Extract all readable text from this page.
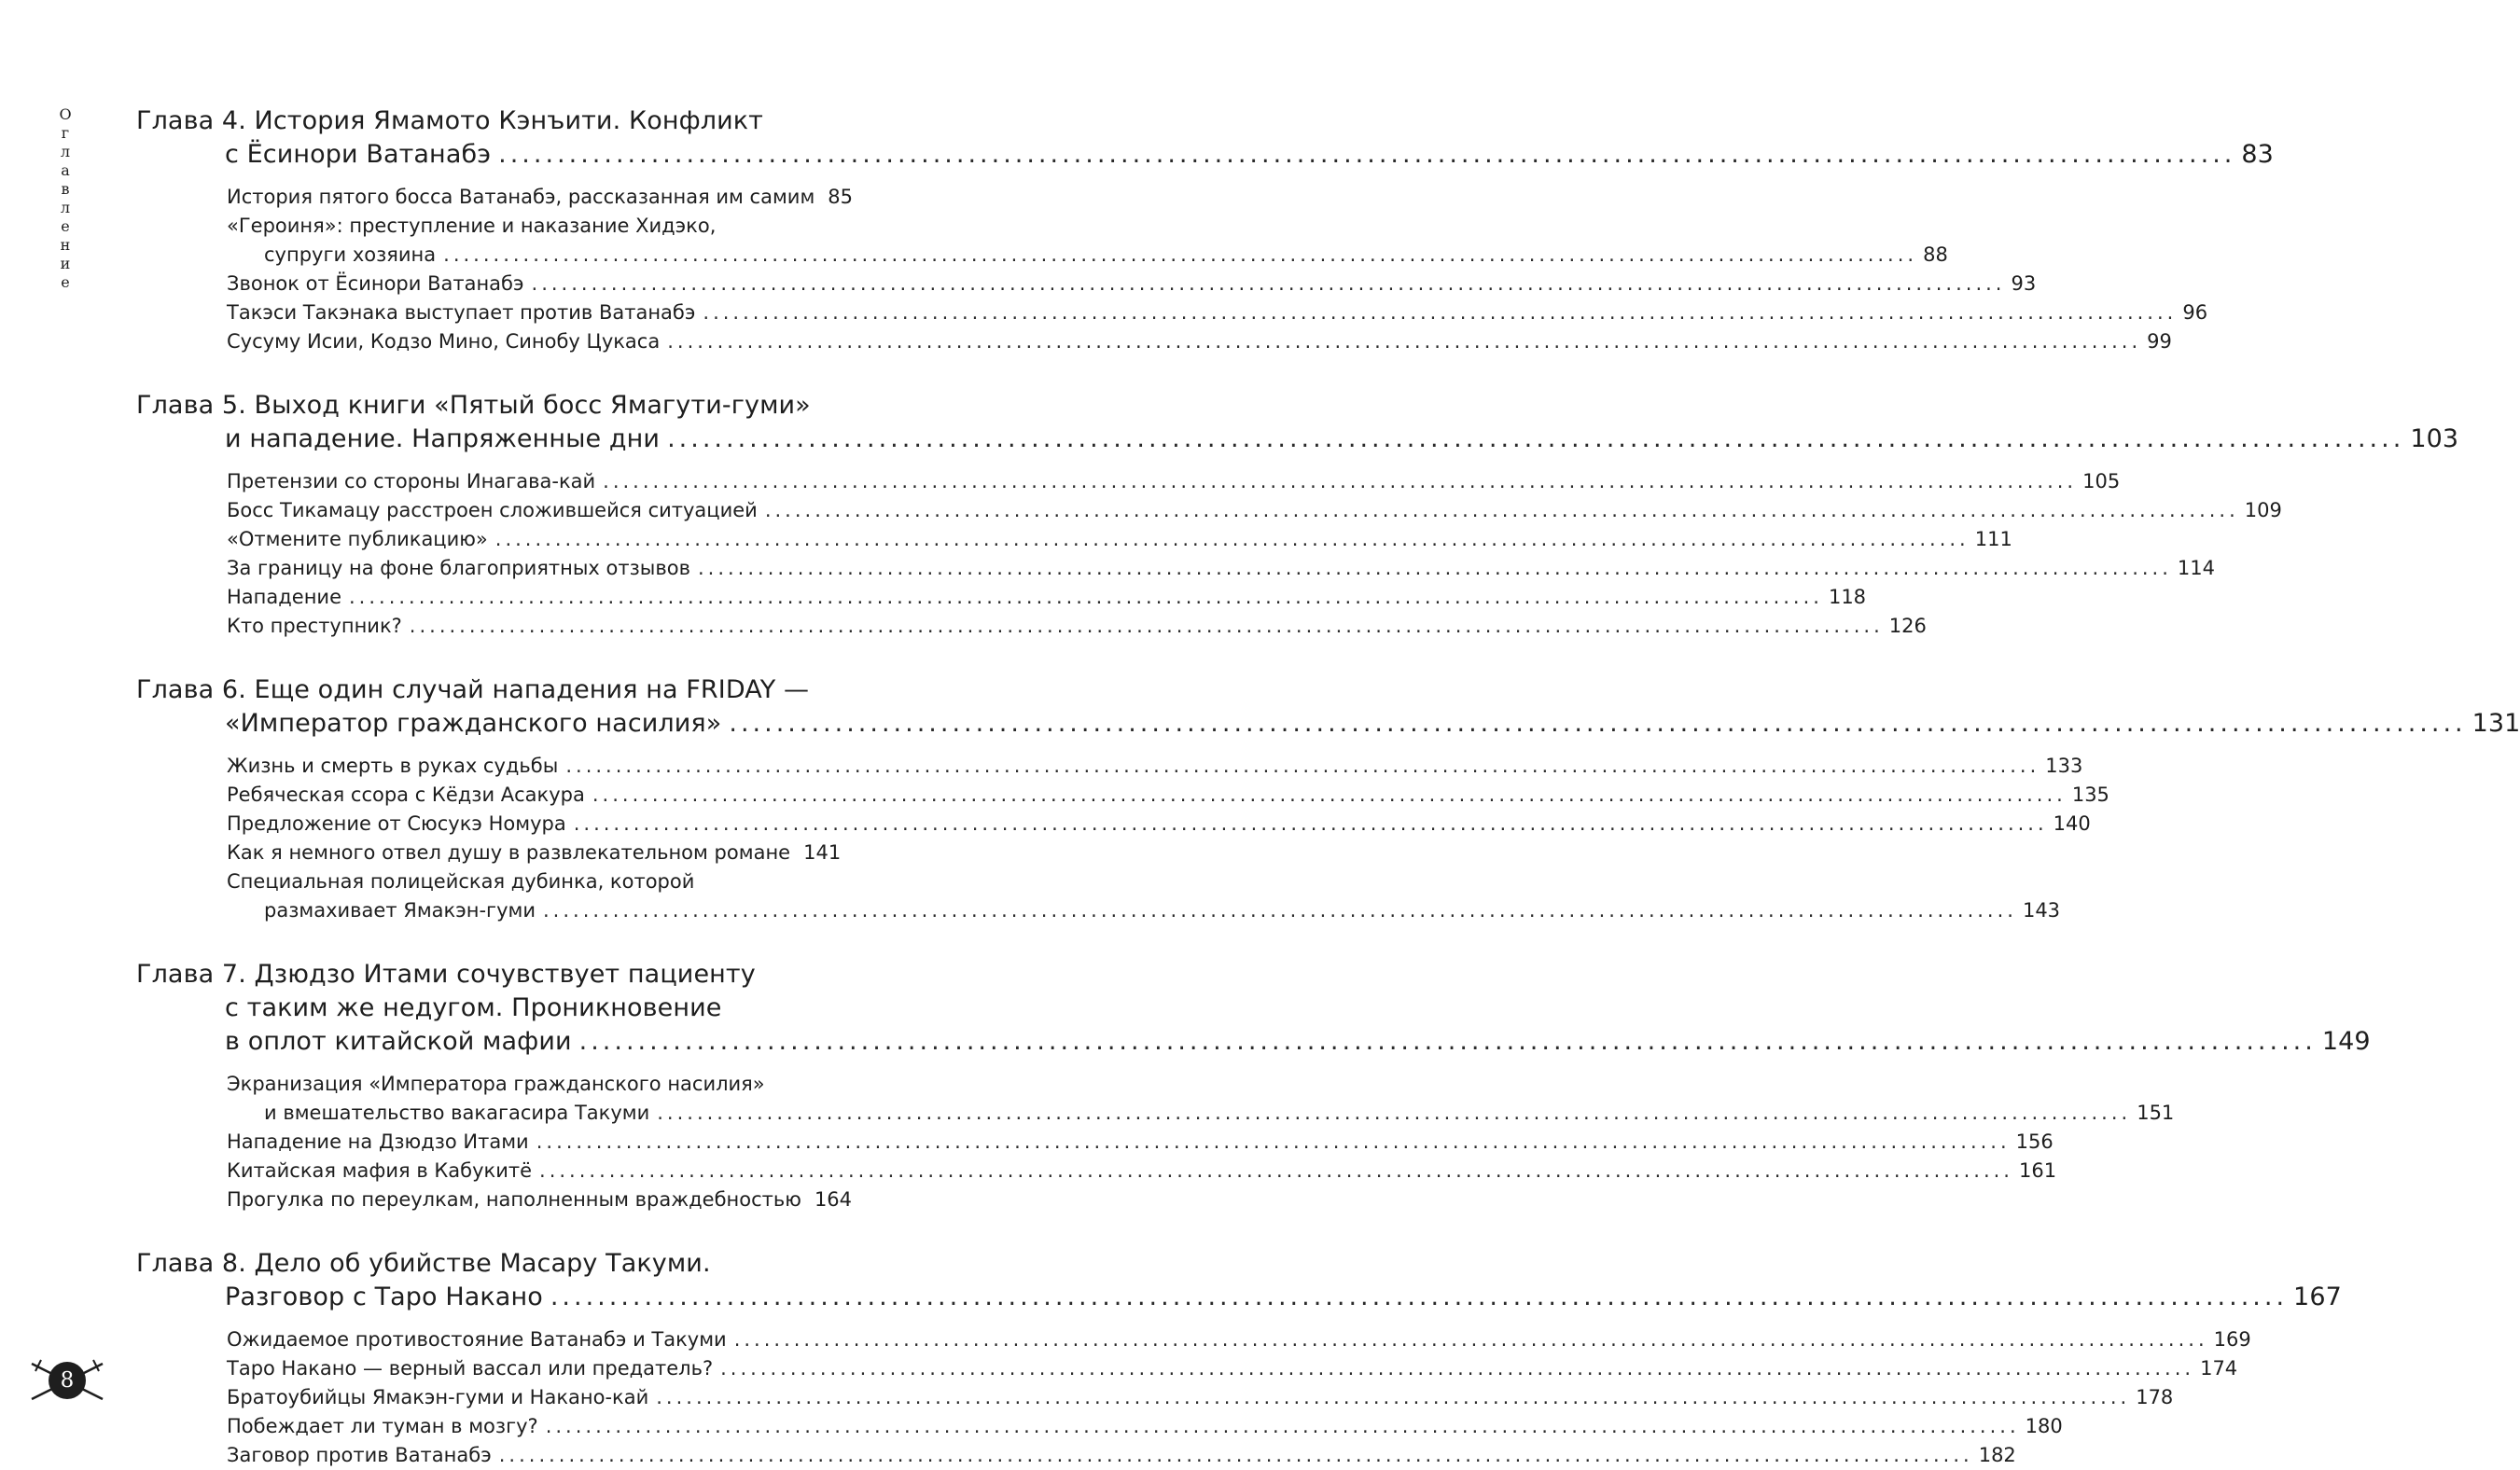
О
г
л
а
в
л
е
н
и
е
Глава 4. История Ямамото Кэнъити. Конфликт
с Ёсинори Ватанабэ .................................................................................................................................................... 83
История пятого босса Ватанабэ, рассказанная им самим 85
«Героиня»: преступление и наказание Хидэко,
супруги хозяина .................................................................................................................................................... 88
Звонок от Ёсинори Ватанабэ .................................................................................................................................................... 93
Такэси Такэнака выступает против Ватанабэ .................................................................................................................................................... 96
Сусуму Исии, Кодзо Мино, Синобу Цукаса .................................................................................................................................................... 99
Глава 5. Выход книги «Пятый босс Ямагути-гуми»
и нападение. Напряженные дни .................................................................................................................................................... 103
Претензии со стороны Инагава-кай .................................................................................................................................................... 105
Босс Тикамацу расстроен сложившейся ситуацией .................................................................................................................................................... 109
«Отмените публикацию» .................................................................................................................................................... 111
За границу на фоне благоприятных отзывов .................................................................................................................................................... 114
Нападение .................................................................................................................................................... 118
Кто преступник? .................................................................................................................................................... 126
Глава 6. Еще один случай нападения на FRIDAY —
«Император гражданского насилия» .................................................................................................................................................... 131
Жизнь и смерть в руках судьбы .................................................................................................................................................... 133
Ребяческая ссора с Кёдзи Асакура .................................................................................................................................................... 135
Предложение от Сюсукэ Номура .................................................................................................................................................... 140
Как я немного отвел душу в развлекательном романе 141
Специальная полицейская дубинка, которой
размахивает Ямакэн-гуми .................................................................................................................................................... 143
Глава 7. Дзюдзо Итами сочувствует пациенту
с таким же недугом. Проникновение
в оплот китайской мафии .................................................................................................................................................... 149
Экранизация «Императора гражданского насилия»
и вмешательство вакагасира Такуми .................................................................................................................................................... 151
Нападение на Дзюдзо Итами .................................................................................................................................................... 156
Китайская мафия в Кабукитё .................................................................................................................................................... 161
Прогулка по переулкам, наполненным враждебностью 164
Глава 8. Дело об убийстве Масару Такуми.
Разговор с Таро Накано .................................................................................................................................................... 167
Ожидаемое противостояние Ватанабэ и Такуми .................................................................................................................................................... 169
Таро Накано — верный вассал или предатель? .................................................................................................................................................... 174
Братоубийцы Ямакэн-гуми и Накано-кай .................................................................................................................................................... 178
Побеждает ли туман в мозгу? .................................................................................................................................................... 180
Заговор против Ватанабэ .................................................................................................................................................... 182
8
